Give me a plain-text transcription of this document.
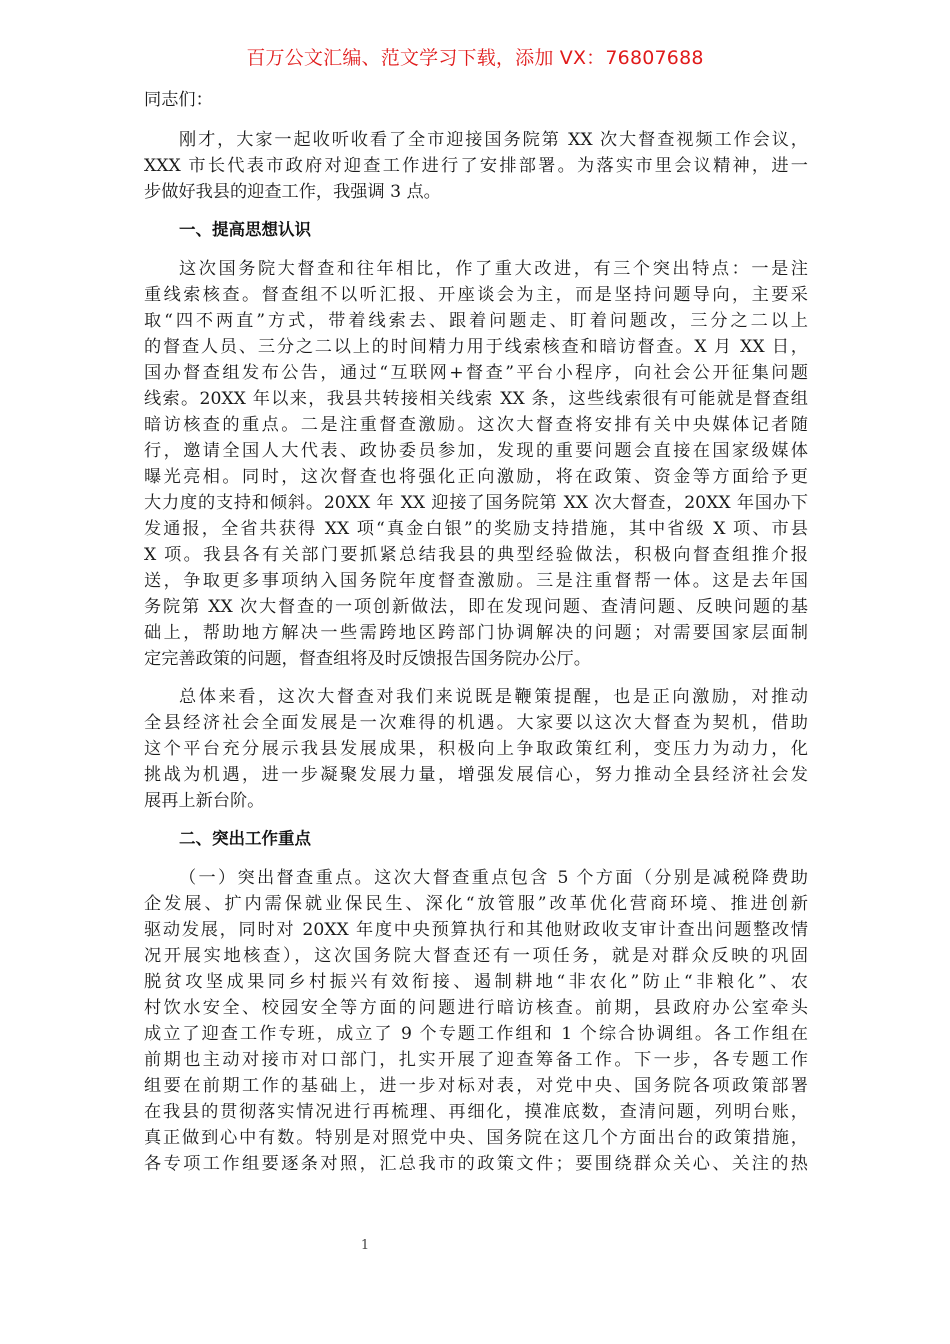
百万公文汇编、范文学习下载，添加 VX：76807688
同志们：
刚才，大家一起收听收看了全市迎接国务院第 XX 次大督查视频工作会议，
XXX 市长代表市政府对迎查工作进行了安排部署。为落实市里会议精神，进一
步做好我县的迎查工作，我强调 3 点。
一、提高思想认识
这次国务院大督查和往年相比，作了重大改进，有三个突出特点：一是注
重线索核查。督查组不以听汇报、开座谈会为主，而是坚持问题导向，主要采
取“四不两直”方式，带着线索去、跟着问题走、盯着问题改，三分之二以上
的督查人员、三分之二以上的时间精力用于线索核查和暗访督查。X 月 XX 日，
国办督查组发布公告，通过“互联网+督查”平台小程序，向社会公开征集问题
线索。20XX 年以来，我县共转接相关线索 XX 条，这些线索很有可能就是督查组
暗访核查的重点。二是注重督查激励。这次大督查将安排有关中央媒体记者随
行，邀请全国人大代表、政协委员参加，发现的重要问题会直接在国家级媒体
曝光亮相。同时，这次督查也将强化正向激励，将在政策、资金等方面给予更
大力度的支持和倾斜。20XX 年 XX 迎接了国务院第 XX 次大督查，20XX 年国办下
发通报，全省共获得 XX 项“真金白银”的奖励支持措施，其中省级 X 项、市县
X 项。我县各有关部门要抓紧总结我县的典型经验做法，积极向督查组推介报
送，争取更多事项纳入国务院年度督查激励。三是注重督帮一体。这是去年国
务院第 XX 次大督查的一项创新做法，即在发现问题、查清问题、反映问题的基
础上，帮助地方解决一些需跨地区跨部门协调解决的问题；对需要国家层面制
定完善政策的问题，督查组将及时反馈报告国务院办公厅。
总体来看，这次大督查对我们来说既是鞭策提醒，也是正向激励，对推动
全县经济社会全面发展是一次难得的机遇。大家要以这次大督查为契机，借助
这个平台充分展示我县发展成果，积极向上争取政策红利，变压力为动力，化
挑战为机遇，进一步凝聚发展力量，增强发展信心，努力推动全县经济社会发
展再上新台阶。
二、突出工作重点
（一）突出督查重点。这次大督查重点包含 5 个方面（分别是减税降费助
企发展、扩内需保就业保民生、深化“放管服”改革优化营商环境、推进创新
驱动发展，同时对 20XX 年度中央预算执行和其他财政收支审计查出问题整改情
况开展实地核查），这次国务院大督查还有一项任务，就是对群众反映的巩固
脱贫攻坚成果同乡村振兴有效衔接、遏制耕地“非农化”防止“非粮化”、农
村饮水安全、校园安全等方面的问题进行暗访核查。前期，县政府办公室牵头
成立了迎查工作专班，成立了 9 个专题工作组和 1 个综合协调组。各工作组在
前期也主动对接市对口部门，扎实开展了迎查筹备工作。下一步，各专题工作
组要在前期工作的基础上，进一步对标对表，对党中央、国务院各项政策部署
在我县的贯彻落实情况进行再梳理、再细化，摸准底数，查清问题，列明台账，
真正做到心中有数。特别是对照党中央、国务院在这几个方面出台的政策措施，
各专项工作组要逐条对照，汇总我市的政策文件；要围绕群众关心、关注的热
1
